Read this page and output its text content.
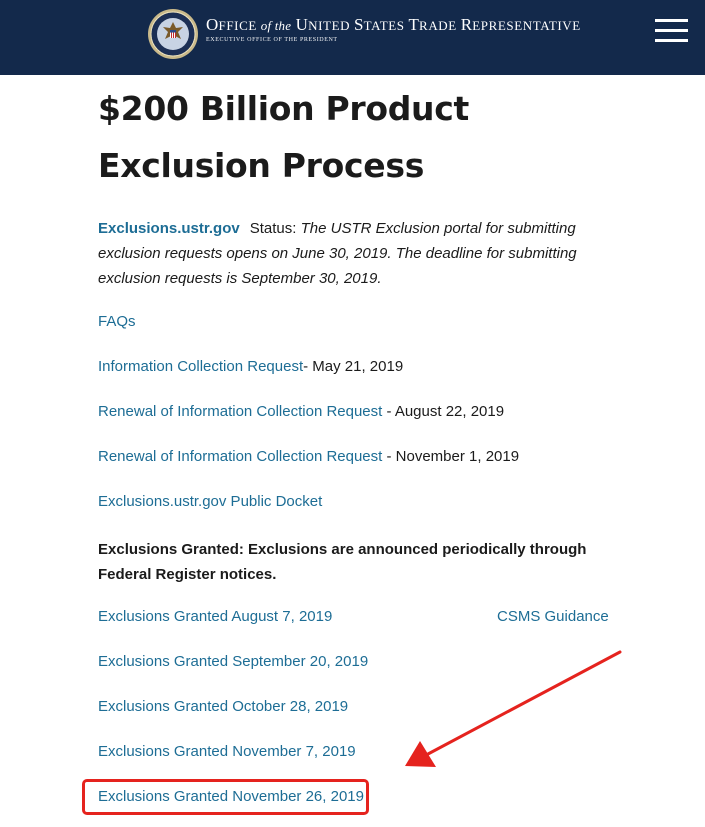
OFFICE of the UNITED STATES TRADE REPRESENTATIVE
EXECUTIVE OFFICE OF THE PRESIDENT
$200 Billion Product Exclusion Process
Exclusions.ustr.gov Status: The USTR Exclusion portal for submitting exclusion requests opens on June 30, 2019. The deadline for submitting exclusion requests is September 30, 2019.
FAQs
Information Collection Request- May 21, 2019
Renewal of Information Collection Request - August 22, 2019
Renewal of Information Collection Request - November 1, 2019
Exclusions.ustr.gov Public Docket
Exclusions Granted: Exclusions are announced periodically through Federal Register notices.
Exclusions Granted August 7, 2019	CSMS Guidance
Exclusions Granted September 20, 2019
Exclusions Granted October 28, 2019
Exclusions Granted November 7, 2019
Exclusions Granted November 26, 2019
